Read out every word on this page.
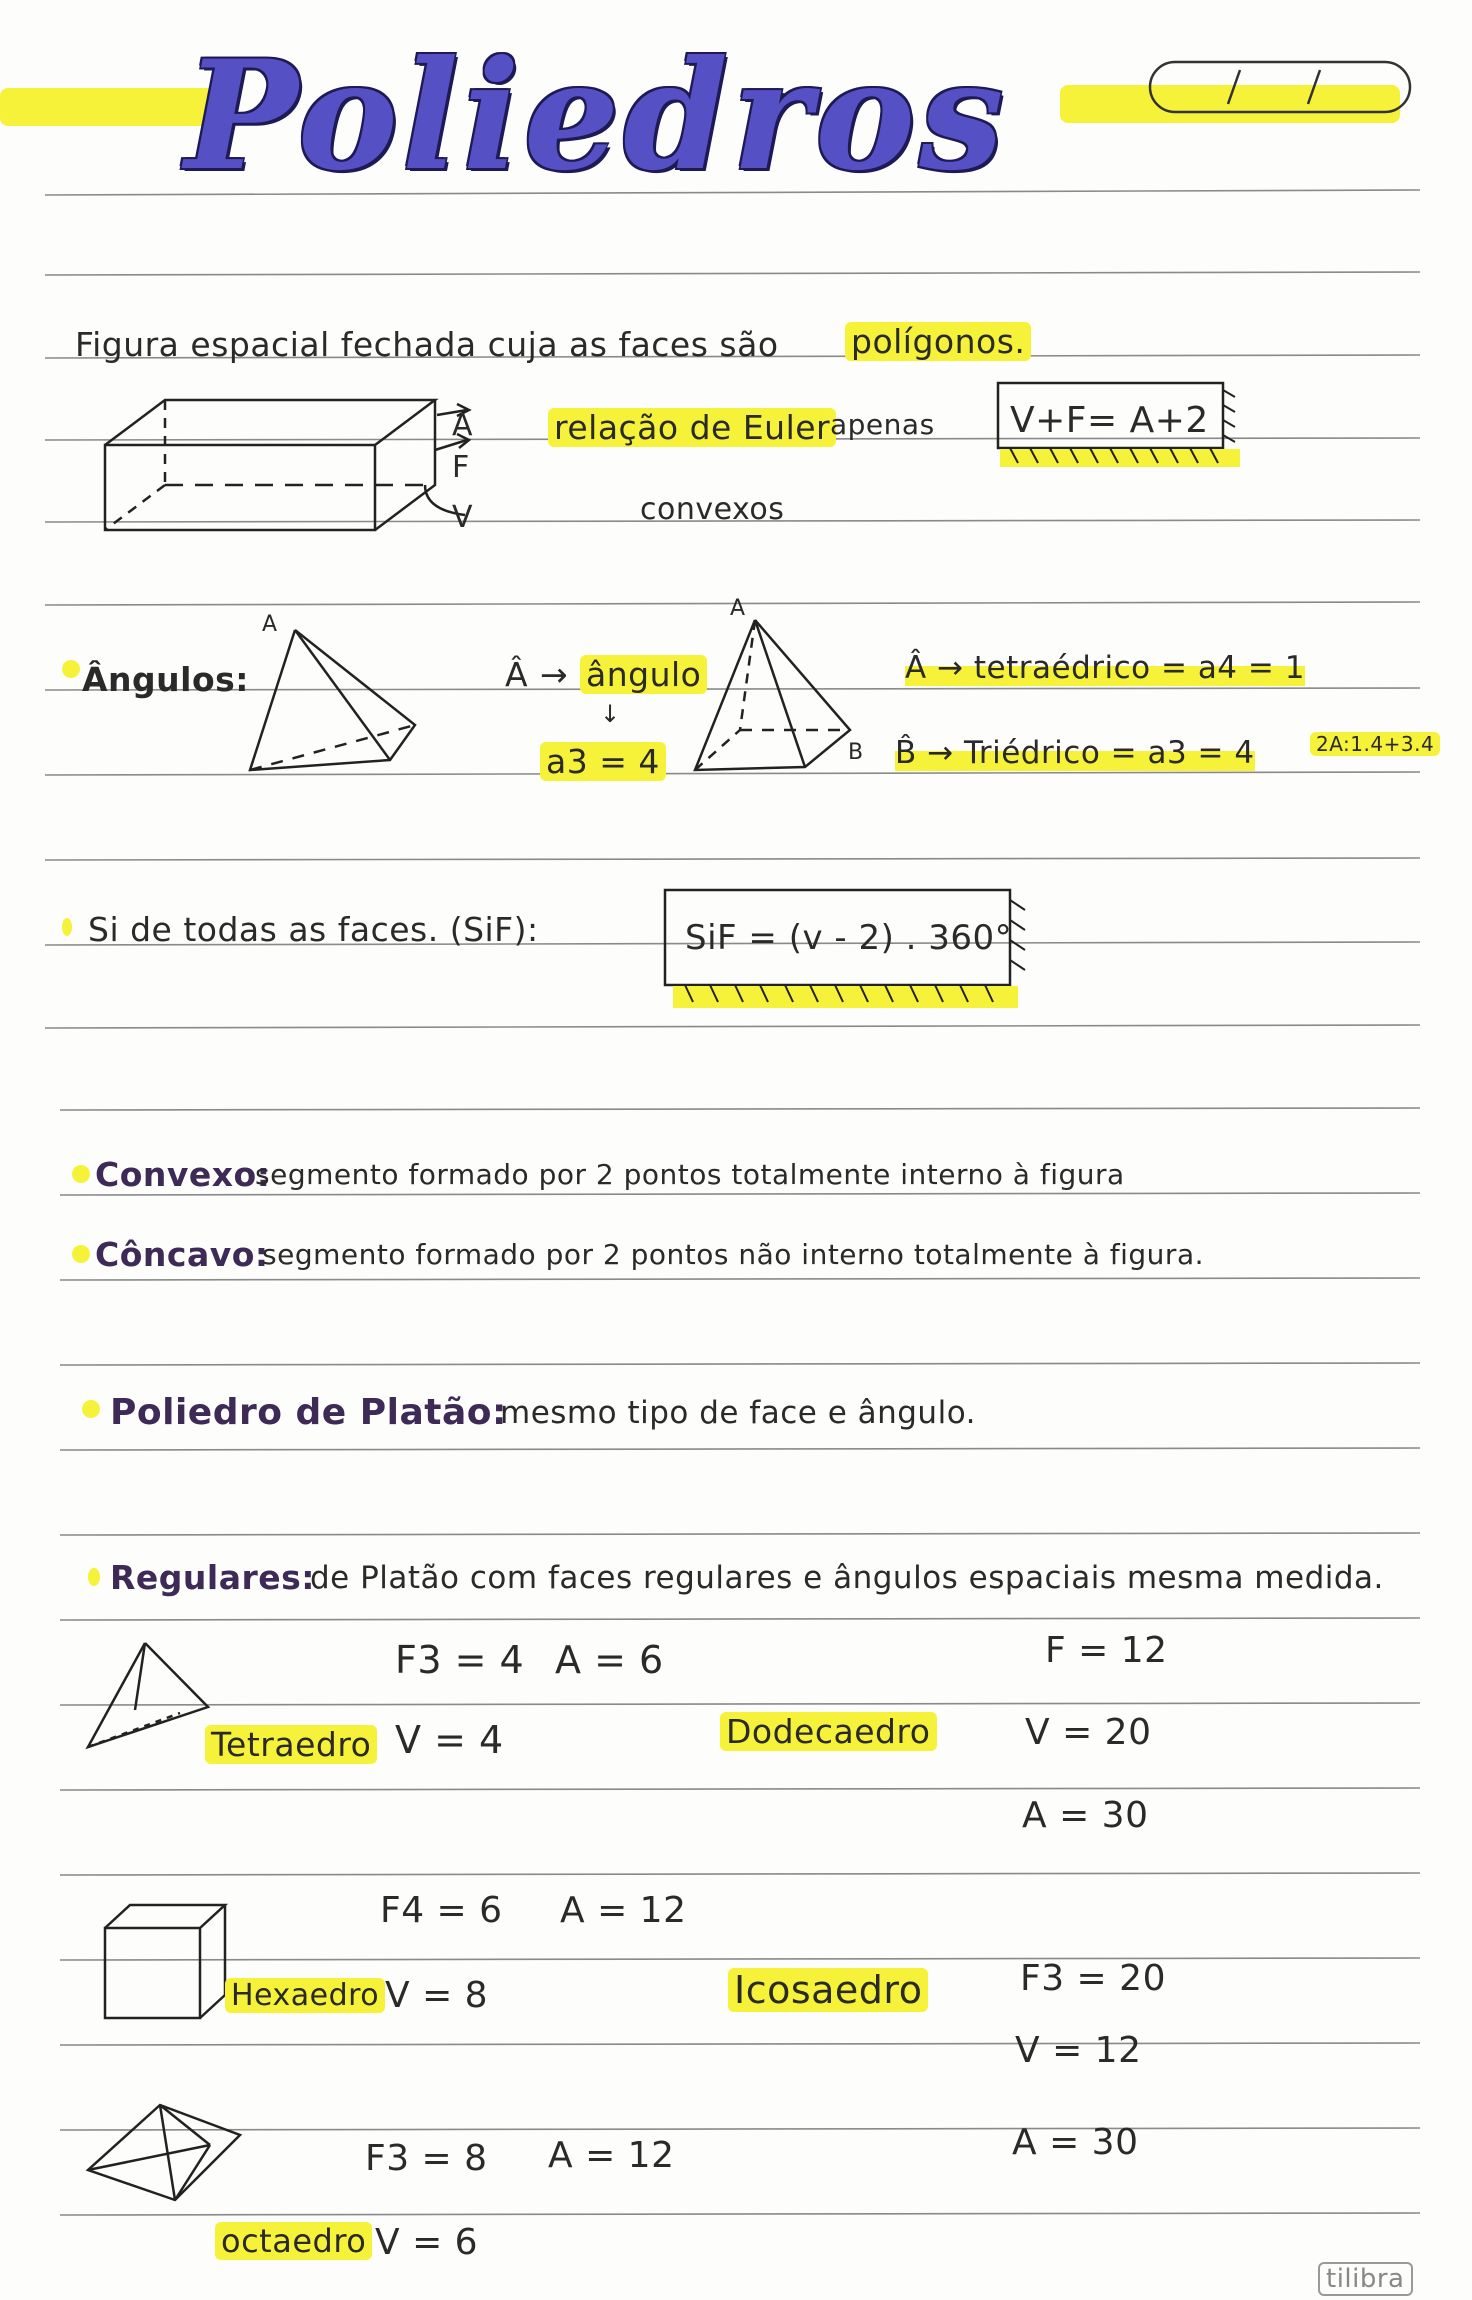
Poliedros
Figura espacial fechada cuja as faces são polígonos.
A
F
V
relação de Euler apenas V+F= A+2
convexos
Ângulos:
A
Â → ângulo
↓
a3 = 4
A
B
Â → tetraédrico = a4 = 1
B̂ → Triédrico = a3 = 4	2A:1.4+3.4
Si de todas as faces. (SiF):	SiF = (v - 2) . 360°
Convexo:
segmento formado por 2 pontos totalmente interno à figura
Côncavo:
segmento formado por 2 pontos não interno totalmente à figura.
Poliedro de Platão:
mesmo tipo de face e ângulo.
Regulares:
de Platão com faces regulares e ângulos espaciais mesma medida.
Tetraedro
F3 = 4 A = 6
V = 4	Dodecaedro
F = 12
V = 20
A = 30
Hexaedro
F4 = 6 A = 12
V = 8	Icosaedro	F3 = 20
V = 12
A = 30
octaedro
F3 = 8 A = 12
V = 6
tilibra
